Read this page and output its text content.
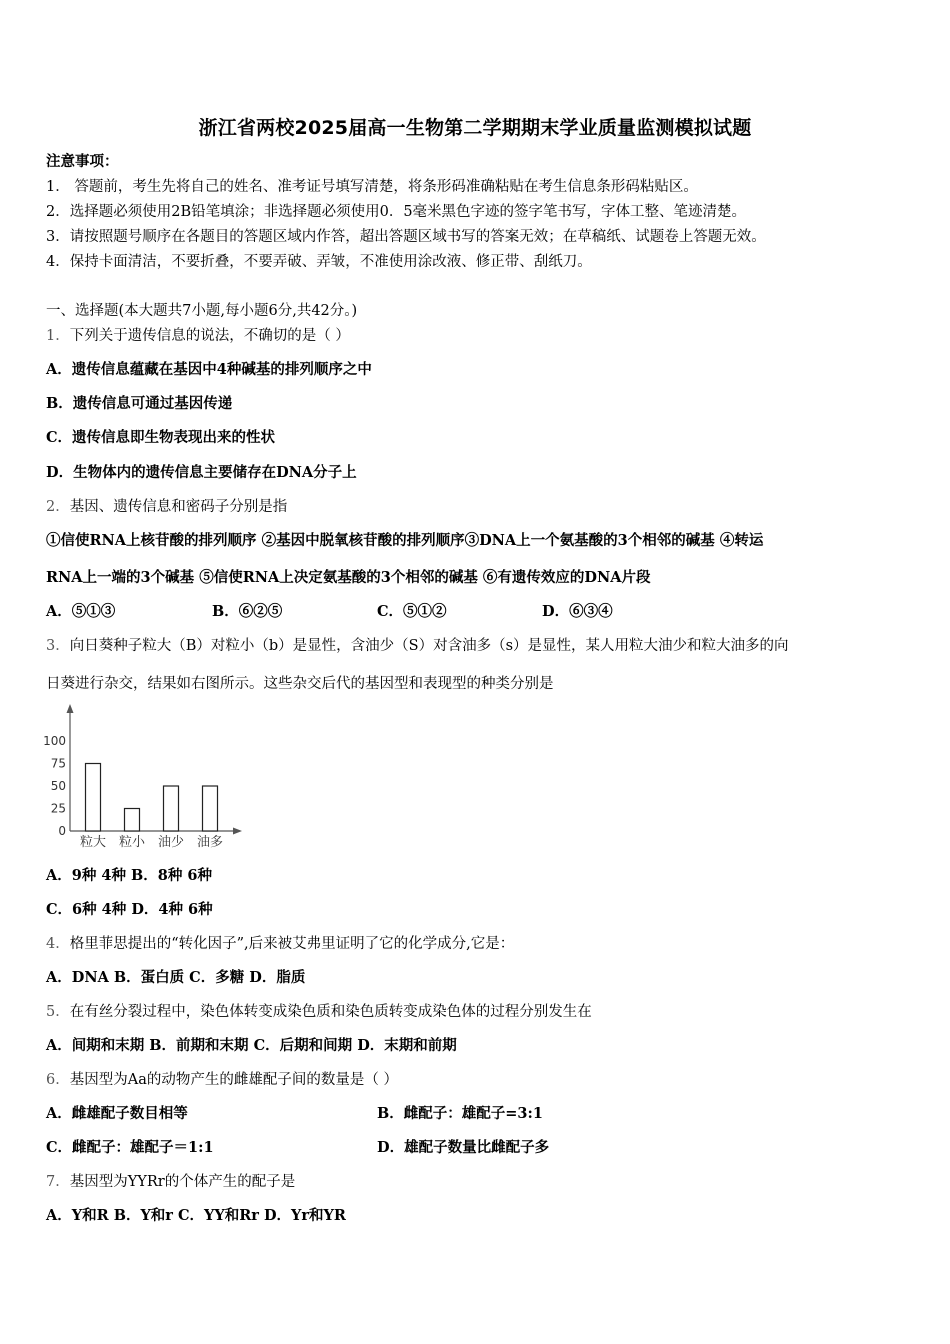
浙江省两校2025届高一生物第二学期期末学业质量监测模拟试题
注意事项：
1． 答题前，考生先将自己的姓名、准考证号填写清楚，将条形码准确粘贴在考生信息条形码粘贴区。
2．选择题必须使用2B铅笔填涂；非选择题必须使用0．5毫米黑色字迹的签字笔书写，字体工整、笔迹清楚。
3．请按照题号顺序在各题目的答题区域内作答，超出答题区域书写的答案无效；在草稿纸、试题卷上答题无效。
4．保持卡面清洁，不要折叠，不要弄破、弄皱，不准使用涂改液、修正带、刮纸刀。
一、选择题(本大题共7小题,每小题6分,共42分。)
1．下列关于遗传信息的说法，不确切的是（ ）
A．遗传信息蕴藏在基因中4种碱基的排列顺序之中
B．遗传信息可通过基因传递
C．遗传信息即生物表现出来的性状
D．生物体内的遗传信息主要储存在DNA分子上
2．基因、遗传信息和密码子分别是指
①信使RNA上核苷酸的排列顺序 ②基因中脱氧核苷酸的排列顺序③DNA上一个氨基酸的3个相邻的碱基 ④转运
RNA上一端的3个碱基 ⑤信使RNA上决定氨基酸的3个相邻的碱基 ⑥有遗传效应的DNA片段
A．⑤①③	B．⑥②⑤	C．⑤①②	D．⑥③④
3．向日葵种子粒大（B）对粒小（b）是显性，含油少（S）对含油多（s）是显性，某人用粒大油少和粒大油多的向
日葵进行杂交，结果如右图所示。这些杂交后代的基因型和表现型的种类分别是
100
75
50
25
0
粒大 粒小 油少 油多
A．9种 4种 B．8种 6种
C．6种 4种 D．4种 6种
4．格里菲思提出的“转化因子”,后来被艾弗里证明了它的化学成分,它是：
A．DNA B．蛋白质 C．多糖 D．脂质
5．在有丝分裂过程中，染色体转变成染色质和染色质转变成染色体的过程分别发生在
A．间期和末期 B．前期和末期 C．后期和间期 D．末期和前期
6．基因型为Aa的动物产生的雌雄配子间的数量是（ ）
A．雌雄配子数目相等	B．雌配子：雄配子=3:1
C．雌配子：雄配子＝1:1	D．雄配子数量比雌配子多
7．基因型为YYRr的个体产生的配子是
A．Y和R B．Y和r C．YY和Rr D．Yr和YR
